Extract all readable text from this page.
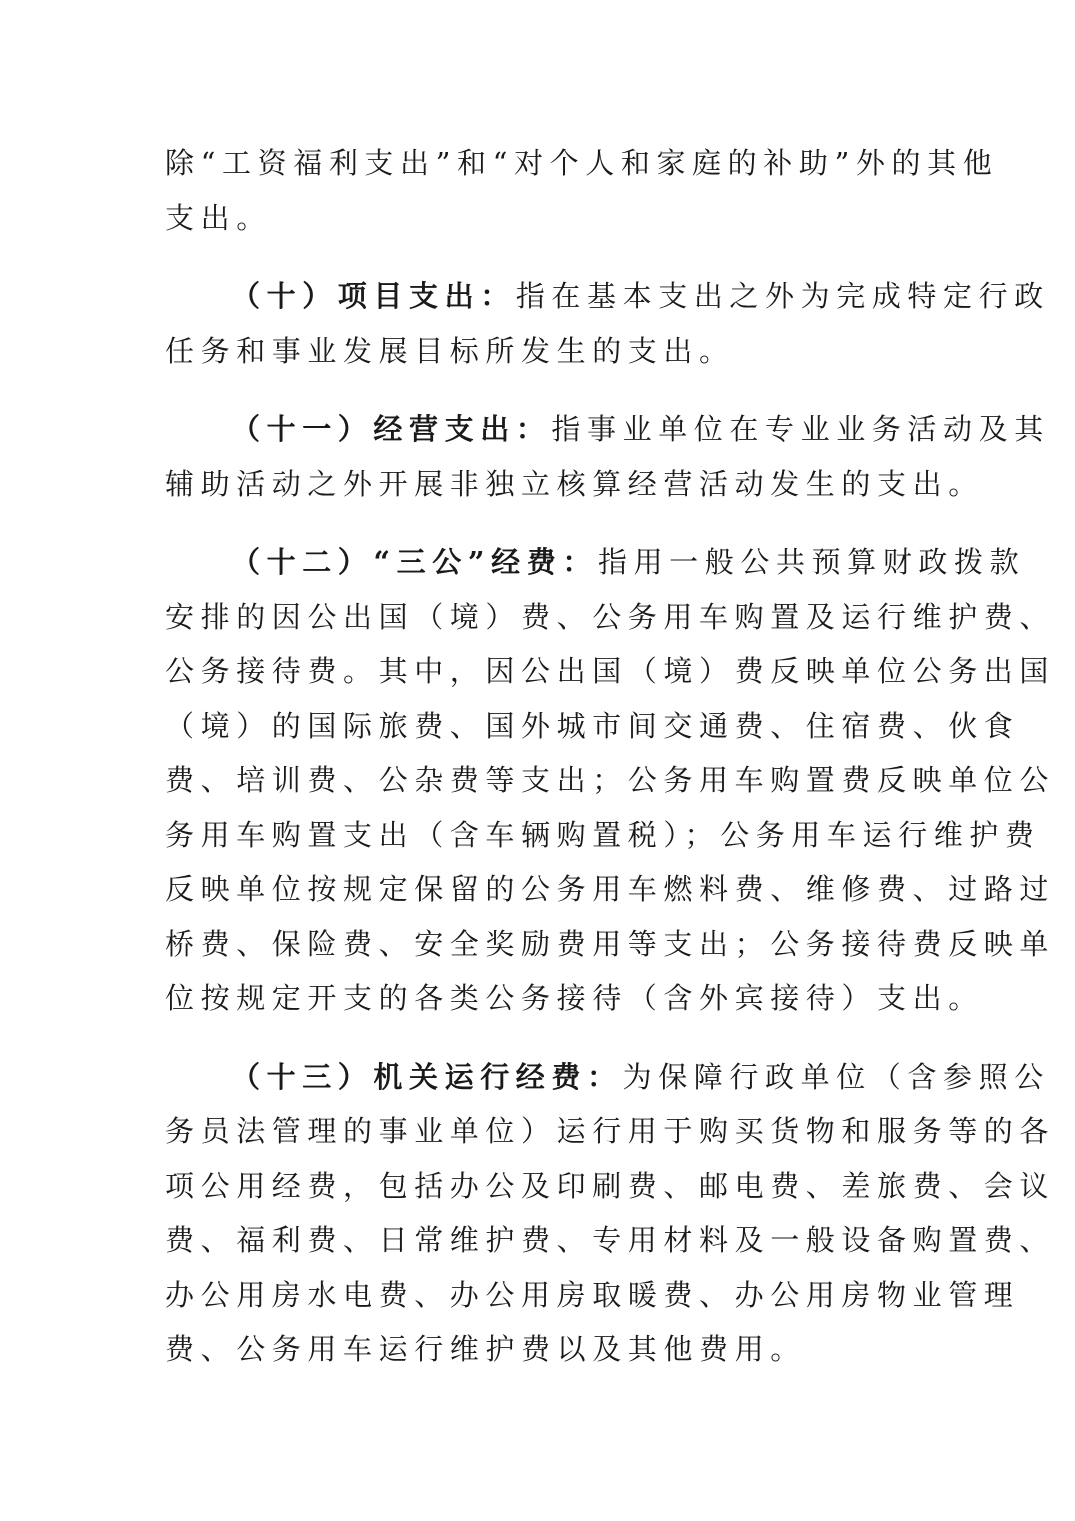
除“工资福利支出”和“对个人和家庭的补助”外的其他
支出。

（十）项目支出：指在基本支出之外为完成特定行政
任务和事业发展目标所发生的支出。

（十一）经营支出：指事业单位在专业业务活动及其
辅助活动之外开展非独立核算经营活动发生的支出。

（十二）“三公”经费：指用一般公共预算财政拨款
安排的因公出国（境）费、公务用车购置及运行维护费、
公务接待费。其中，因公出国（境）费反映单位公务出国
（境）的国际旅费、国外城市间交通费、住宿费、伙食
费、培训费、公杂费等支出；公务用车购置费反映单位公
务用车购置支出（含车辆购置税）；公务用车运行维护费
反映单位按规定保留的公务用车燃料费、维修费、过路过
桥费、保险费、安全奖励费用等支出；公务接待费反映单
位按规定开支的各类公务接待（含外宾接待）支出。

（十三）机关运行经费：为保障行政单位（含参照公
务员法管理的事业单位）运行用于购买货物和服务等的各
项公用经费，包括办公及印刷费、邮电费、差旅费、会议
费、福利费、日常维护费、专用材料及一般设备购置费、
办公用房水电费、办公用房取暖费、办公用房物业管理
费、公务用车运行维护费以及其他费用。
